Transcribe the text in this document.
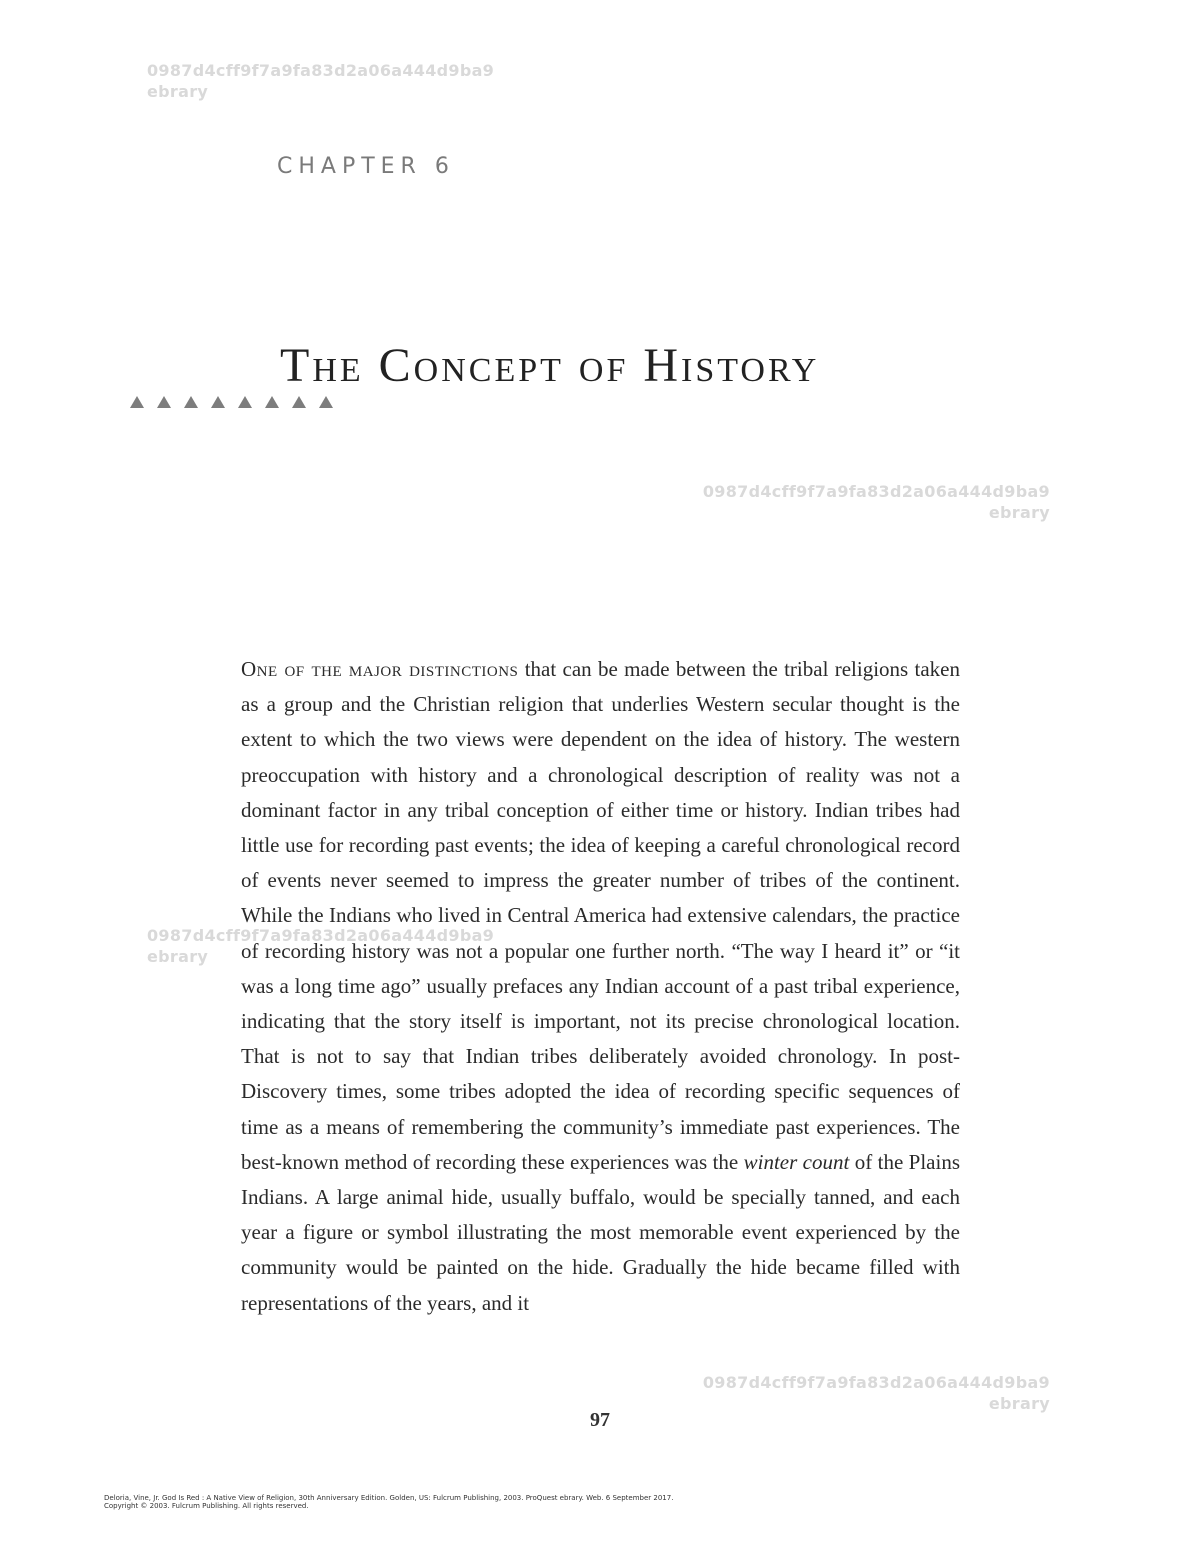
0987d4cff9f7a9fa83d2a06a444d9ba9
ebrary
0987d4cff9f7a9fa83d2a06a444d9ba9
ebrary
0987d4cff9f7a9fa83d2a06a444d9ba9
ebrary
0987d4cff9f7a9fa83d2a06a444d9ba9
ebrary
CHAPTER 6
The Concept of History

One of the major distinctions that can be made between the tribal religions taken as a group and the Christian religion that underlies Western secular thought is the extent to which the two views were dependent on the idea of history. The western preoccupation with history and a chronological description of reality was not a dominant factor in any tribal conception of either time or history. Indian tribes had little use for recording past events; the idea of keeping a careful chronological record of events never seemed to impress the greater number of tribes of the continent. While the Indians who lived in Central America had extensive calendars, the practice of recording history was not a popular one further north. “The way I heard it” or “it was a long time ago” usually prefaces any Indian account of a past tribal experience, indicating that the story itself is important, not its precise chronological location. That is not to say that Indian tribes deliberately avoided chronology. In post-Discovery times, some tribes adopted the idea of recording specific sequences of time as a means of remembering the community’s immediate past experiences. The best-known method of recording these experiences was the winter count of the Plains Indians. A large animal hide, usually buffalo, would be specially tanned, and each year a figure or symbol illustrating the most memorable event experienced by the community would be painted on the hide. Gradually the hide became filled with representations of the years, and it

97
Deloria, Vine, Jr. God Is Red : A Native View of Religion, 30th Anniversary Edition. Golden, US: Fulcrum Publishing, 2003. ProQuest ebrary. Web. 6 September 2017.
Copyright © 2003. Fulcrum Publishing. All rights reserved.
